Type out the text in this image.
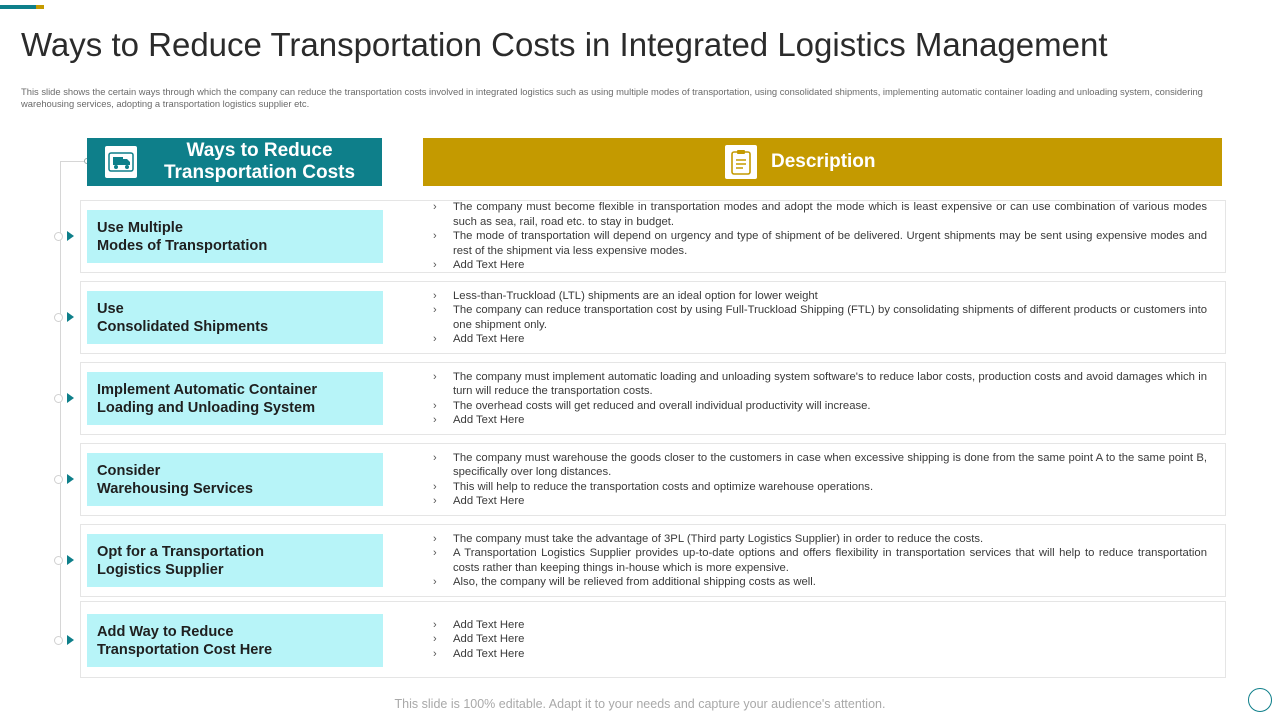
Ways to Reduce Transportation Costs in Integrated Logistics Management
This slide shows the certain ways through which the company can reduce the transportation costs involved in integrated logistics such as using multiple modes of transportation, using consolidated shipments, implementing automatic container loading and unloading system, considering warehousing services, adopting a transportation logistics supplier etc.
Ways to Reduce Transportation Costs
Description
Use Multiple
Modes of Transportation
› The company must become flexible in transportation modes and adopt the mode which is least expensive or can use combination of various modes such as sea, rail, road etc. to stay in budget.
› The mode of transportation will depend on urgency and type of shipment of be delivered. Urgent shipments may be sent using expensive modes and rest of the shipment via less expensive modes.
› Add Text Here
Use
Consolidated Shipments
› Less-than-Truckload (LTL) shipments are an ideal option for lower weight
› The company can reduce transportation cost by using Full-Truckload Shipping (FTL) by consolidating shipments of different products or customers into one shipment only.
› Add Text Here
Implement Automatic Container
Loading and Unloading System
› The company must implement automatic loading and unloading system software's to reduce labor costs, production costs and avoid damages which in turn will reduce the transportation costs.
› The overhead costs will get reduced and overall individual productivity will increase.
› Add Text Here
Consider
Warehousing Services
› The company must warehouse the goods closer to the customers in case when excessive shipping is done from the same point A to the same point B, specifically over long distances.
› This will help to reduce the transportation costs and optimize warehouse operations.
› Add Text Here
Opt for a Transportation
Logistics Supplier
› The company must take the advantage of 3PL (Third party Logistics Supplier) in order to reduce the costs.
› A Transportation Logistics Supplier provides up-to-date options and offers flexibility in transportation services that will help to reduce transportation costs rather than keeping things in-house which is more expensive.
› Also, the company will be relieved from additional shipping costs as well.
Add Way to Reduce
Transportation Cost Here
› Add Text Here
› Add Text Here
› Add Text Here
This slide is 100% editable. Adapt it to your needs and capture your audience's attention.
